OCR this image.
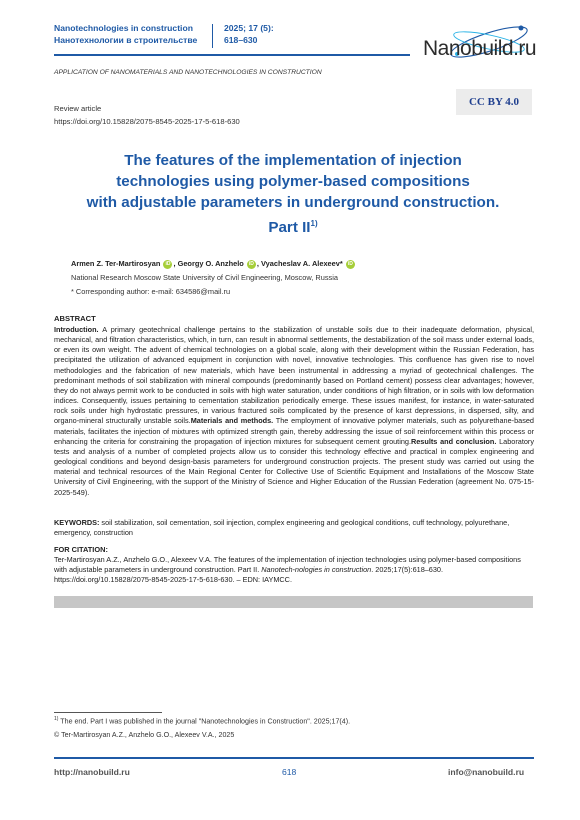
Nanotechnologies in construction
Нанотехнологии в строительстве
2025; 17 (5):
618–630	Nanobuild.ru
APPLICATION OF NANOMATERIALS AND NANOTECHNOLOGIES IN CONSTRUCTION
CC BY 4.0
Review article
https://doi.org/10.15828/2075-8545-2025-17-5-618-630
The features of the implementation of injection
technologies using polymer-based compositions
with adjustable parameters in underground construction.
Part II$^{1)}$
Armen Z. Ter-Martirosyan iD , Georgy O. Anzhelo iD , Vyacheslav A. Alexeev* iD
National Research Moscow State University of Civil Engineering, Moscow, Russia
* Corresponding author: e-mail: 634586@mail.ru
ABSTRACT
Introduction. A primary geotechnical challenge pertains to the stabilization of unstable soils due to their inadequate deformation, physical, mechanical, and filtration characteristics, which, in turn, can result in abnormal settlements, the destabilization of the soil mass under external loads, or even its own weight. The advent of chemical technologies on a global scale, along with their development within the Russian Federation, has precipitated the utilization of advanced equipment in conjunction with novel, innovative technologies. This confluence has given rise to novel methodologies and the fabrication of new materials, which have been instrumental in addressing a myriad of geotechnical challenges. The predominant methods of soil stabilization with mineral compounds (predominantly based on Portland cement) possess clear advantages; however, they do not always permit work to be conducted in soils with high water saturation, under conditions of high filtration, or in soils with low deformation indices. Consequently, issues pertaining to cementation stabilization periodically emerge. These issues manifest, for instance, in water-saturated rock soils under high hydrostatic pressures, in various fractured soils complicated by the presence of karst depressions, in dispersed, silty, and organo-mineral structurally unstable soils.Materials and methods. The employment of innovative polymer materials, such as polyurethane-based materials, facilitates the injection of mixtures with optimized strength gain, thereby addressing the issue of soil reinforcement within this process or enhancing the criteria for constraining the propagation of injection mixtures for subsequent cement grouting.Results and conclusion. Laboratory tests and analysis of a number of completed projects allow us to consider this technology effective and practical in complex engineering and geological conditions and beyond design-basis parameters for underground construction projects. The present study was carried out using the material and technical resources of the Main Regional Center for Collective Use of Scientific Equipment and Installations of the Moscow State University of Civil Engineering, with the support of the Ministry of Science and Higher Education of the Russian Federation (agreement No. 075-15-2025-549).
KEYWORDS: soil stabilization, soil cementation, soil injection, complex engineering and geological conditions, cuff technology, polyurethane, emergency, construction
FOR CITATION:
Ter-Martirosyan A.Z., Anzhelo G.O., Alexeev V.A. The features of the implementation of injection technologies using polymer-based compositions with adjustable parameters in underground construction. Part II. Nanotech-nologies in construction. 2025;17(5):618–630. https://doi.org/10.15828/2075-8545-2025-17-5-618-630. – EDN: IAYMCC.
$^{1)}$ The end. Part I was published in the journal "Nanotechnologies in Construction". 2025;17(4).
© Ter-Martirosyan A.Z., Anzhelo G.O., Alexeev V.A., 2025
http://nanobuild.ru	618	info@nanobuild.ru
